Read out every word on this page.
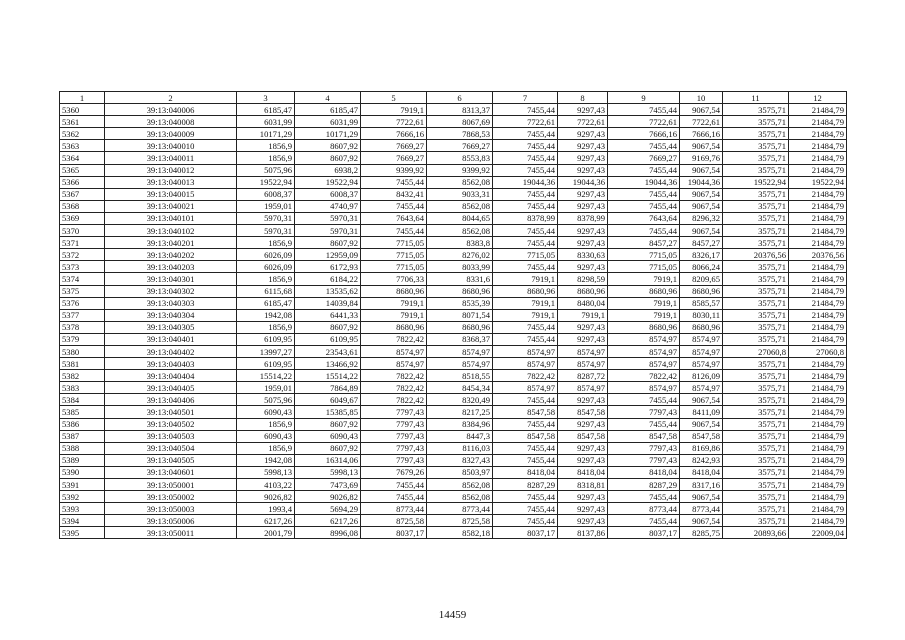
1	2	3	4	5	6	7	8	9	10	11	12
5360	39:13:040006	6185,47	6185,47	7919,1	8313,37	7455,44	9297,43	7455,44	9067,54	3575,71	21484,79
5361	39:13:040008	6031,99	6031,99	7722,61	8067,69	7722,61	7722,61	7722,61	7722,61	3575,71	21484,79
5362	39:13:040009	10171,29	10171,29	7666,16	7868,53	7455,44	9297,43	7666,16	7666,16	3575,71	21484,79
5363	39:13:040010	1856,9	8607,92	7669,27	7669,27	7455,44	9297,43	7455,44	9067,54	3575,71	21484,79
5364	39:13:040011	1856,9	8607,92	7669,27	8553,83	7455,44	9297,43	7669,27	9169,76	3575,71	21484,79
5365	39:13:040012	5075,96	6938,2	9399,92	9399,92	7455,44	9297,43	7455,44	9067,54	3575,71	21484,79
5366	39:13:040013	19522,94	19522,94	7455,44	8562,08	19044,36	19044,36	19044,36	19044,36	19522,94	19522,94
5367	39:13:040015	6008,37	6008,37	8432,41	9033,31	7455,44	9297,43	7455,44	9067,54	3575,71	21484,79
5368	39:13:040021	1959,01	4740,97	7455,44	8562,08	7455,44	9297,43	7455,44	9067,54	3575,71	21484,79
5369	39:13:040101	5970,31	5970,31	7643,64	8044,65	8378,99	8378,99	7643,64	8296,32	3575,71	21484,79
5370	39:13:040102	5970,31	5970,31	7455,44	8562,08	7455,44	9297,43	7455,44	9067,54	3575,71	21484,79
5371	39:13:040201	1856,9	8607,92	7715,05	8383,8	7455,44	9297,43	8457,27	8457,27	3575,71	21484,79
5372	39:13:040202	6026,09	12959,09	7715,05	8276,02	7715,05	8330,63	7715,05	8326,17	20376,56	20376,56
5373	39:13:040203	6026,09	6172,93	7715,05	8033,99	7455,44	9297,43	7715,05	8066,24	3575,71	21484,79
5374	39:13:040301	1856,9	6184,22	7706,33	8331,6	7919,1	8298,59	7919,1	8209,65	3575,71	21484,79
5375	39:13:040302	6115,68	13535,62	8680,96	8680,96	8680,96	8680,96	8680,96	8680,96	3575,71	21484,79
5376	39:13:040303	6185,47	14039,84	7919,1	8535,39	7919,1	8480,04	7919,1	8585,57	3575,71	21484,79
5377	39:13:040304	1942,08	6441,33	7919,1	8071,54	7919,1	7919,1	7919,1	8030,11	3575,71	21484,79
5378	39:13:040305	1856,9	8607,92	8680,96	8680,96	7455,44	9297,43	8680,96	8680,96	3575,71	21484,79
5379	39:13:040401	6109,95	6109,95	7822,42	8368,37	7455,44	9297,43	8574,97	8574,97	3575,71	21484,79
5380	39:13:040402	13997,27	23543,61	8574,97	8574,97	8574,97	8574,97	8574,97	8574,97	27060,8	27060,8
5381	39:13:040403	6109,95	13466,92	8574,97	8574,97	8574,97	8574,97	8574,97	8574,97	3575,71	21484,79
5382	39:13:040404	15514,22	15514,22	7822,42	8518,55	7822,42	8287,72	7822,42	8126,09	3575,71	21484,79
5383	39:13:040405	1959,01	7864,89	7822,42	8454,34	8574,97	8574,97	8574,97	8574,97	3575,71	21484,79
5384	39:13:040406	5075,96	6049,67	7822,42	8320,49	7455,44	9297,43	7455,44	9067,54	3575,71	21484,79
5385	39:13:040501	6090,43	15385,85	7797,43	8217,25	8547,58	8547,58	7797,43	8411,09	3575,71	21484,79
5386	39:13:040502	1856,9	8607,92	7797,43	8384,96	7455,44	9297,43	7455,44	9067,54	3575,71	21484,79
5387	39:13:040503	6090,43	6090,43	7797,43	8447,3	8547,58	8547,58	8547,58	8547,58	3575,71	21484,79
5388	39:13:040504	1856,9	8607,92	7797,43	8116,03	7455,44	9297,43	7797,43	8169,86	3575,71	21484,79
5389	39:13:040505	1942,08	16314,06	7797,43	8327,43	7455,44	9297,43	7797,43	8242,93	3575,71	21484,79
5390	39:13:040601	5998,13	5998,13	7679,26	8503,97	8418,04	8418,04	8418,04	8418,04	3575,71	21484,79
5391	39:13:050001	4103,22	7473,69	7455,44	8562,08	8287,29	8318,81	8287,29	8317,16	3575,71	21484,79
5392	39:13:050002	9026,82	9026,82	7455,44	8562,08	7455,44	9297,43	7455,44	9067,54	3575,71	21484,79
5393	39:13:050003	1993,4	5694,29	8773,44	8773,44	7455,44	9297,43	8773,44	8773,44	3575,71	21484,79
5394	39:13:050006	6217,26	6217,26	8725,58	8725,58	7455,44	9297,43	7455,44	9067,54	3575,71	21484,79
5395	39:13:050011	2001,79	8996,08	8037,17	8582,18	8037,17	8137,86	8037,17	8285,75	20893,66	22009,04
14459
